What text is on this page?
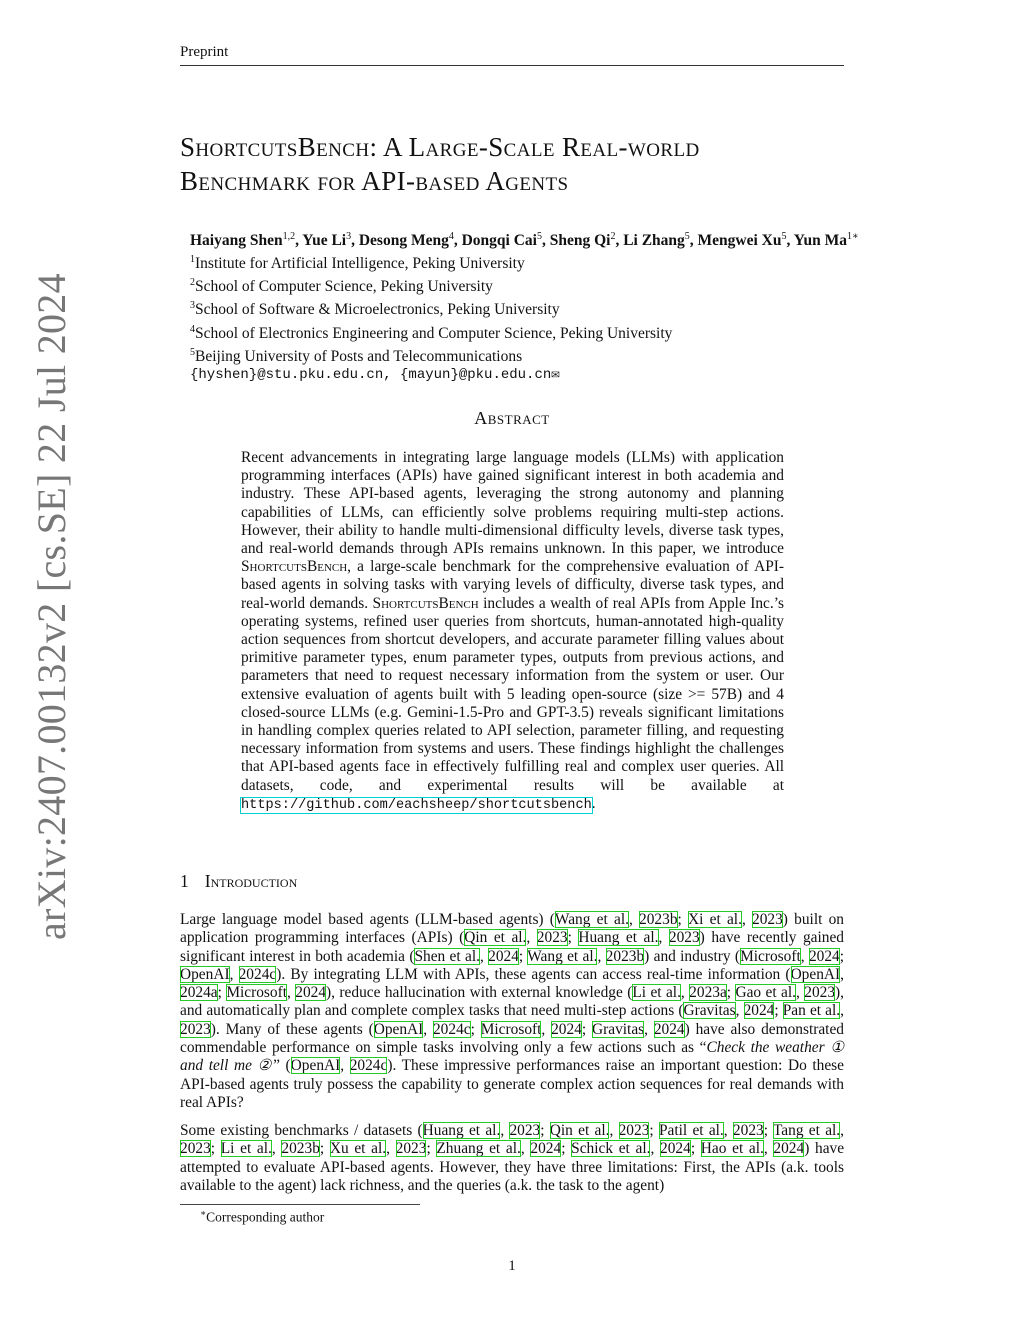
Preprint
arXiv:2407.00132v2 [cs.SE] 22 Jul 2024
ShortcutsBench: A Large-Scale Real-world
Benchmark for API-based Agents
Haiyang Shen$^{1,2}$, Yue Li$^3$, Desong Meng$^4$, Dongqi Cai$^5$, Sheng Qi$^2$, Li Zhang$^5$, Mengwei Xu$^5$, Yun $Ma^{1∗}$
$^1$Institute for Artificial Intelligence, Peking University
$^2$School of Computer Science, Peking University
$^3$School of Software & Microelectronics, Peking University
$^4$School of Electronics Engineering and Computer Science, Peking University
$^5$Beijing University of Posts and Telecommunications
{hyshen}@stu.pku.edu.cn, {mayun}@pku.edu.cn✉
Abstract
Recent advancements in integrating large language models (LLMs) with application programming interfaces (APIs) have gained significant interest in both academia and industry. These API-based agents, leveraging the strong autonomy and planning capabilities of LLMs, can efficiently solve problems requiring multi-step actions. However, their ability to handle multi-dimensional difficulty levels, diverse task types, and real-world demands through APIs remains unknown. In this paper, we introduce ShortcutsBench, a large-scale benchmark for the comprehensive evaluation of API-based agents in solving tasks with varying levels of difficulty, diverse task types, and real-world demands. ShortcutsBench includes a wealth of real APIs from Apple Inc.’s operating systems, refined user queries from shortcuts, human-annotated high-quality action sequences from shortcut developers, and accurate parameter filling values about primitive parameter types, enum parameter types, outputs from previous actions, and parameters that need to request necessary information from the system or user. Our extensive evaluation of agents built with 5 leading open-source (size >= 57B) and 4 closed-source LLMs (e.g. Gemini-1.5-Pro and GPT-3.5) reveals significant limitations in handling complex queries related to API selection, parameter filling, and requesting necessary information from systems and users. These findings highlight the challenges that API-based agents face in effectively fulfilling real and complex user queries. All datasets, code, and experimental results will be available at https://github.com/eachsheep/shortcutsbench.
1 Introduction
Large language model based agents (LLM-based agents) (Wang et al., 2023b; Xi et al., 2023) built on application programming interfaces (APIs) (Qin et al., 2023; Huang et al., 2023) have recently gained significant interest in both academia (Shen et al., 2024; Wang et al., 2023b) and industry (Microsoft, 2024; OpenAI, 2024c). By integrating LLM with APIs, these agents can access real-time information (OpenAI, 2024a; Microsoft, 2024), reduce hallucination with external knowledge (Li et al., 2023a; Gao et al., 2023), and automatically plan and complete complex tasks that need multi-step actions (Gravitas, 2024; Pan et al., 2023). Many of these agents (OpenAI, 2024c; Microsoft, 2024; Gravitas, 2024) have also demonstrated commendable performance on simple tasks involving only a few actions such as “Check the weather ① and tell me ②” (OpenAI, 2024c). These impressive performances raise an important question: Do these API-based agents truly possess the capability to generate complex action sequences for real demands with real APIs?
Some existing benchmarks / datasets (Huang et al., 2023; Qin et al., 2023; Patil et al., 2023; Tang et al., 2023; Li et al., 2023b; Xu et al., 2023; Zhuang et al., 2024; Schick et al., 2024; Hao et al., 2024) have attempted to evaluate API-based agents. However, they have three limitations: First, the APIs (a.k. tools available to the agent) lack richness, and the queries (a.k. the task to the agent)
∗Corresponding author
1
